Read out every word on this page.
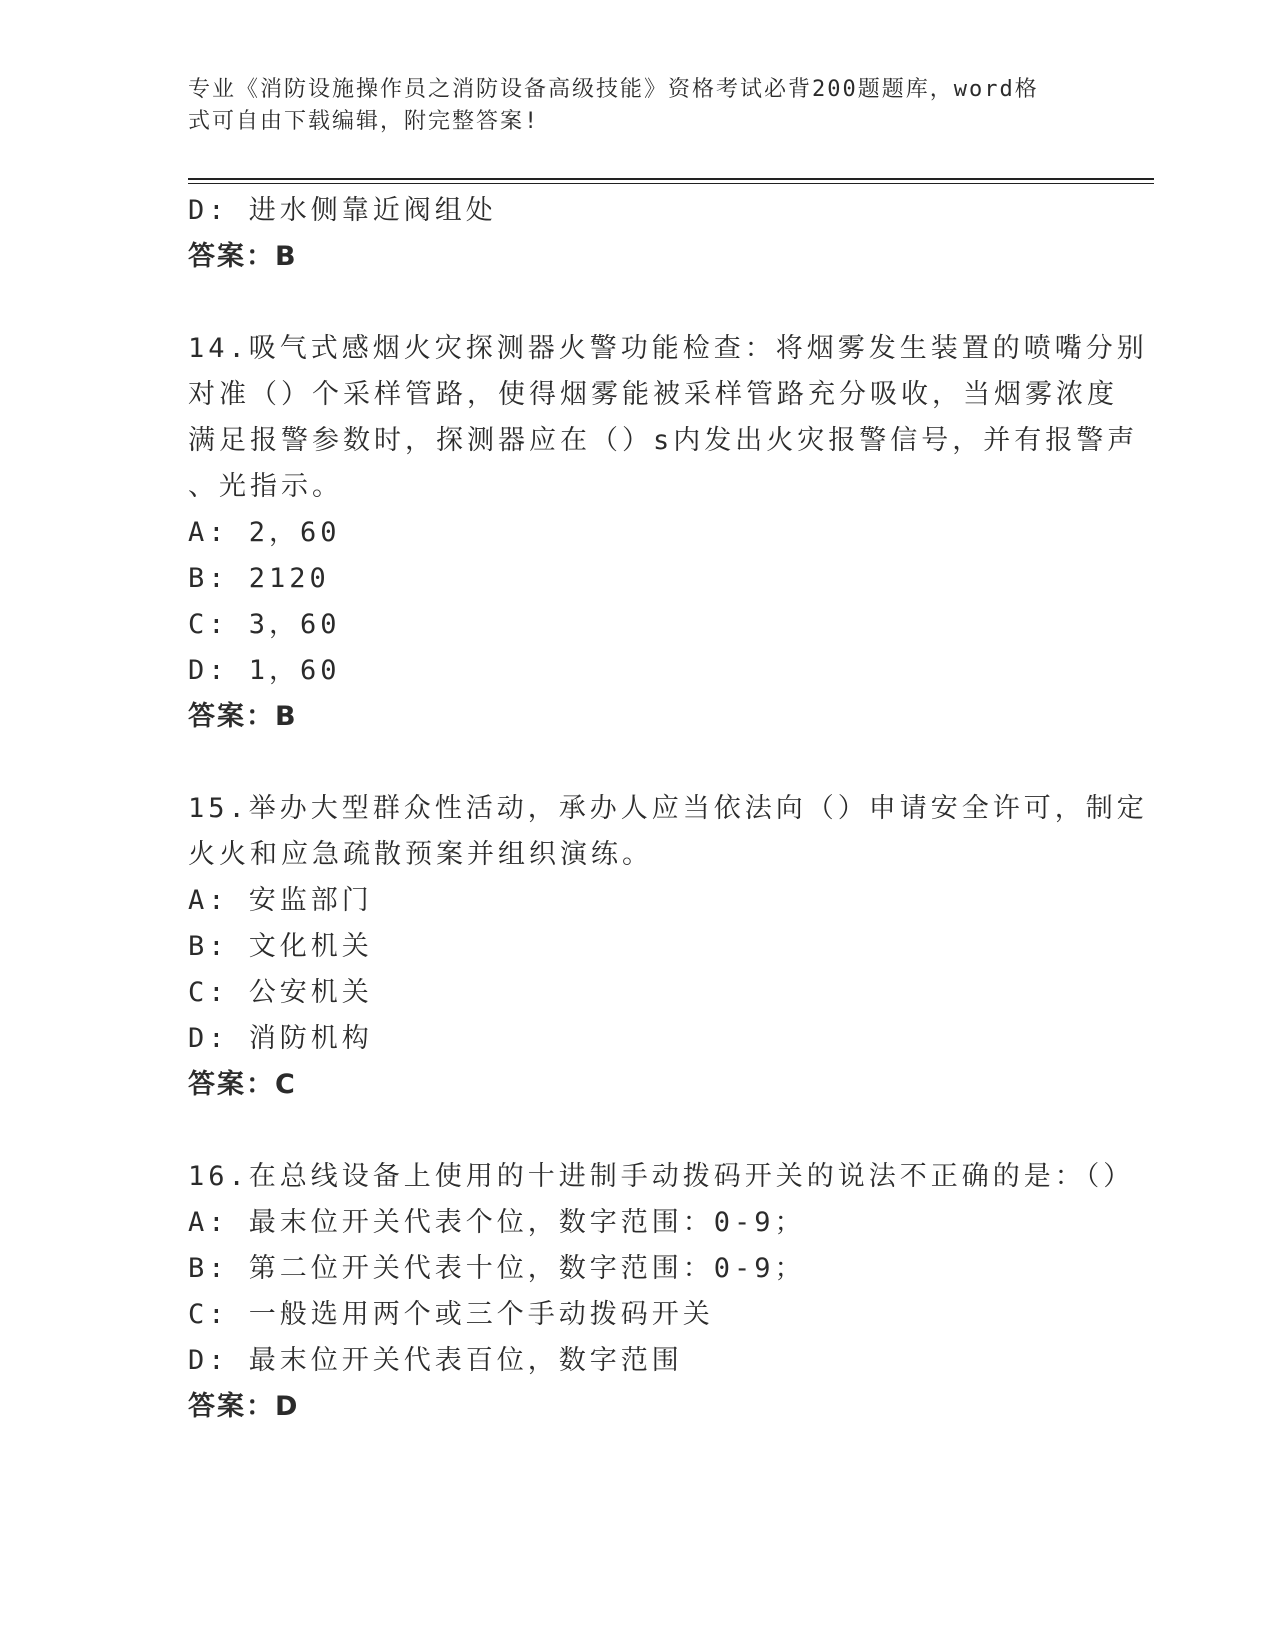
专业《消防设施操作员之消防设备高级技能》资格考试必背200题题库，word格
式可自由下载编辑，附完整答案!
D: 进水侧靠近阀组处
答案：B
14.吸气式感烟火灾探测器火警功能检查：将烟雾发生装置的喷嘴分别
对准（）个采样管路，使得烟雾能被采样管路充分吸收，当烟雾浓度
满足报警参数时，探测器应在（）s内发出火灾报警信号，并有报警声
、光指示。
A: 2，60
B: 2120
C: 3，60
D: 1，60
答案：B
15.举办大型群众性活动，承办人应当依法向（）申请安全许可，制定
火火和应急疏散预案并组织演练。
A: 安监部门
B: 文化机关
C: 公安机关
D: 消防机构
答案：C
16.在总线设备上使用的十进制手动拨码开关的说法不正确的是：（）
A: 最末位开关代表个位，数字范围：0-9；
B: 第二位开关代表十位，数字范围：0-9；
C: 一般选用两个或三个手动拨码开关
D: 最末位开关代表百位，数字范围
答案：D
